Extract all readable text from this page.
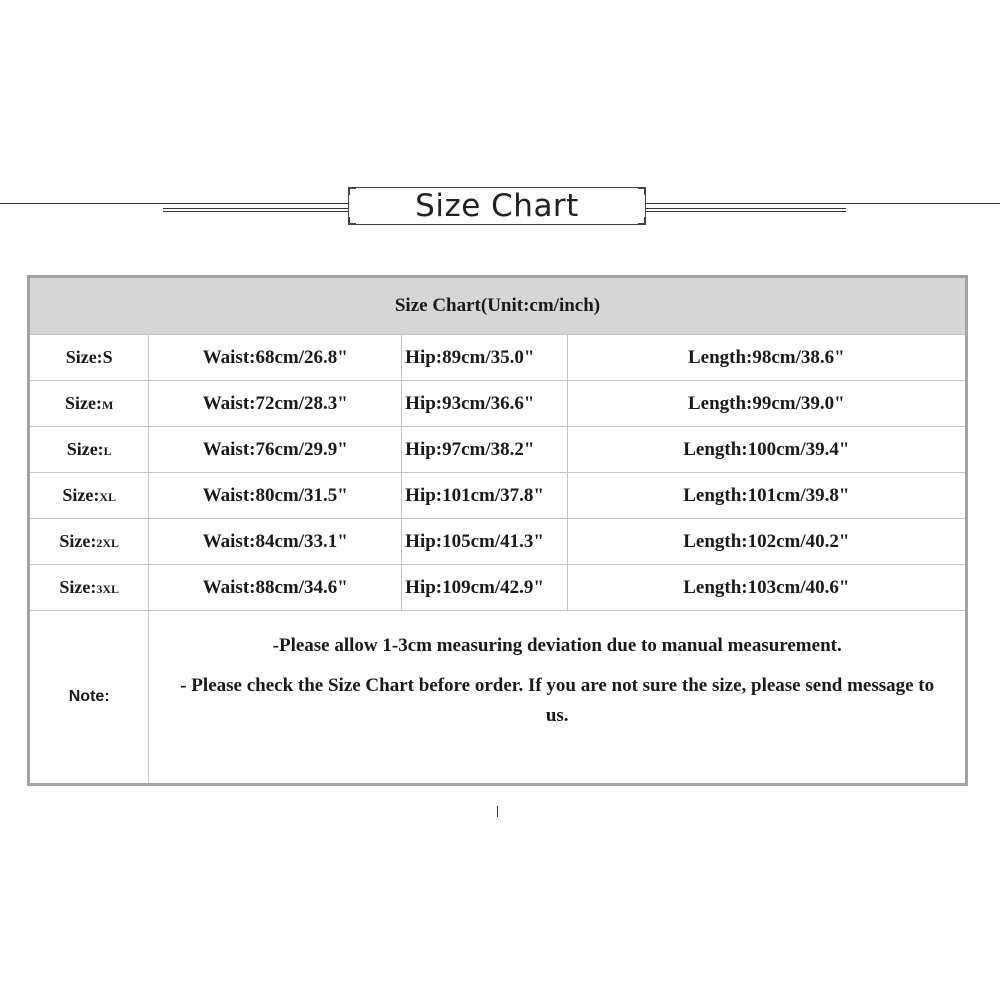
Size Chart
Size Chart(Unit:cm/inch)			
Size:S	Waist:68cm/26.8"	Hip:89cm/35.0"	Length:98cm/38.6"
Size:M	Waist:72cm/28.3"	Hip:93cm/36.6"	Length:99cm/39.0"
Size:L	Waist:76cm/29.9"	Hip:97cm/38.2"	Length:100cm/39.4"
Size:XL	Waist:80cm/31.5"	Hip:101cm/37.8"	Length:101cm/39.8"
Size:2XL	Waist:84cm/33.1"	Hip:105cm/41.3"	Length:102cm/40.2"
Size:3XL	Waist:88cm/34.6"	Hip:109cm/42.9"	Length:103cm/40.6"
Note:	-Please allow 1-3cm measuring deviation due to manual measurement.
- Please check the Size Chart before order. If you are not sure the size, please send message to us.		
